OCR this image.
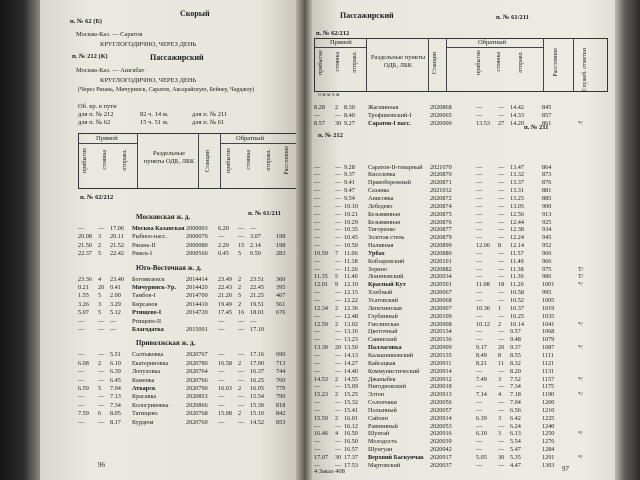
п. № 62 (Б)
Скорый
Москва-Каз. — Саратов
КРУГЛОГОДИЧНО, ЧЕРЕЗ ДЕНЬ
п. № 212 (К)	Пассажирский
Москва-Каз. — Ашгабат
КРУГЛОГОДИЧНО, ЧЕРЕЗ ДЕНЬ
(Через Рязань, Мичуринск, Саратов, Аксарайскую, Бейнеу, Чарджоу)
Об. вр. в пути
для п. № 212	82 ч. 14 м.	для п. № 211
для п. № 62	15 ч. 51 м.	для п. № 61
Прямой	Обратный
Раздельные пункты ОДБ, ЛБК
прибытие стоянка отправл.	Станции	прибытие стоянка отправл. Расстояние
п. № 62/212
п. № 61/211
Московская ж. д.
— — 17.06 Москва Казанская 2000003 6.20 — —
20.08 3 20.11 Рыбное-пасс.	2000070 — — 3.07 198
21.50 2 21.52 Рязань-II	2000080 2.29 15 2.14 198
22.37 5 22.42 Ряжск-I	2000566 0.45 5 0.50 283
Юго-Восточная ж. д.
23.36 4 23.40 Богоявленск	2014414 23.49 2 23.51 360
0.21 20 0.41 Мичуринск-Ур. 2014420 22.43 2 22.45 395
1.55 5 2.00 Тамбов-I	2014700 21.20 5 21.25 467
3.26 3 3.29 Кирсанов	2014410 19.49 2 19.51 561
5.07 5 5.12 Ртищево-I	2014720 17.45 16 18.01 676
— — —	Ртищево-II	— — —
— — —	Благодатка	2015001 — — 17.10
Приволжская ж. д.
— — 5.51 Салтыковка	2020767 — — 17.16 690
6.08 2 6.10 Екатериновка	2020780 16.58 2 17.00 713
— — 6.39 Лопуховка	2020764 — — 16.37 744
— — 6.45 Каменка	2020766 — — 16.25 760
6.59 5 7.04 Аткарск	2020790 16.03 2 16.05 779
— — 7.13 Красавка	2020853 — — 15.54 790
— — 7.34 Кологривовка	2020866 — — 15.30 818
7.59 6 8.05 Татищево	2020768 15.08 2 15.10 842
— — 8.17 Курдюм	2020769 — — 14.52 853
96
Пассажирский	п. № 61/211
п. № 62/212
Прямой	Обратный
Раздельные пункты ОДБ, ЛБК
прибытие стоянка отправл.	Станции	прибытие стоянка	отправл.	Расстояние	Служеб. отметки
ч м м ч м
п. № 211
п. № 212
8.28 2 8.30 Жасминная	2020868	—	— 14.42	845
— — 8.40 Трофимовский-I	2020065	—	— 14.33	857
8.57 30 9.27 Саратов-I пасс.	2020000	13.53 27 14.20	861	*/
— — 9.28 Саратов-II-товарный 2021070	—	— 13.47	864
— — 9.37 Киселевка	2020870	—	— 13.32	873
— — 9.41 Правобережный	2020871	—	— 13.37	876
— — 9.47 Сазанка	2021032	—	— 13.31	881
— — 9.54 Анисовка	2020872	—	— 13.25	885
— — 10.10 Лебедево	2020874	—	— 13.05	900
— — 10.21 Безымянная	2020875	—	— 12.56	913
— — 10.29 Безымянная	2020876	—	— 12.44	925
— — 10.35 Тигоренко	2020877	—	— 12.38	934
— — 10.45 Золотая степь	2020879	—	— 12.24	945
— — 10.50 Наливная	2020899	12.06 8 12.14	952
10.59 7 11.06 Урбах	2020880	—	— 11.57	960
— — 11.18 Кобзаревский	2020101	—	— 11.49	966
— — 11.26 Зорино	2020882	—	— 11.38	975	T/
11.35 5 11.40 Лоинновский	2020034	—	— 11.36	986	T/
12.01 9 12.10 Красный Кут	2020501	11.08 18 11.26	1001	*/
— — 12.15 Хлебный	2020067	—	— 10.58	995
— — 12.22 Усатовский	2020068	—	— 10.52	1005
12.34 2 12.36 Лепехинская	2020907	10.36 1 10.37	1019
— — 12.48 Глубинный	2020109	—	— 10.25	1035
12.59 2 13.02 Гмелинская	2020908	10.12 2 10.14	1041	*/
— — 13.16 Цветочный	2020134	—	— 9.57	1068
— — 13.23 Савинский	2020136	—	— 9.48	1079
13.30 20 13.50 Палласовка	2020909	9.17 20 9.37	1087	*/
— — 14.13 Калашниковский	2020135	8.49 8 8.55	1111
— — 14.27 Кайсацкая	2020911	8.21 11 8.32	1121
— — 14.40 Коммунистический 2020914	—	— 8.20	1131
14.53 2 14.55 Джаныбек	2020912	7.49 3 7.52	1157	*/
— — 15.09 Нигодновский	2020018	—	— 7.34	1175
15.23 2 15.25 Элтон	2020913	7.14 4 7.18	1190	*/
— — 15.32 Солончаки	2020056	—	— 7.04	1200
— — 15.41 Полынный	2020057	—	— 6.56	1210
15.59 2 16.01 Сайхин	2020914	6.39 3 6.42	1225
— — 16.12 Равнинный	2020053	—	— 6.24	1240
16.46 4 16.50 Шунгай	2020916	6.10 3 6.13	1250	*/
— — 16.50 Молодость	2020039	—	— 5.54	1276
— — 16.57 Шунгуан	2020042	—	— 5.47	1284
17.07 30 17.37 Верхний Баскунчак 2020917	5.05 30 5.35	1291	*/
— — 17.53 Мартовский	2020037	—	— 4.47	1303
4 Заказ 408	97
